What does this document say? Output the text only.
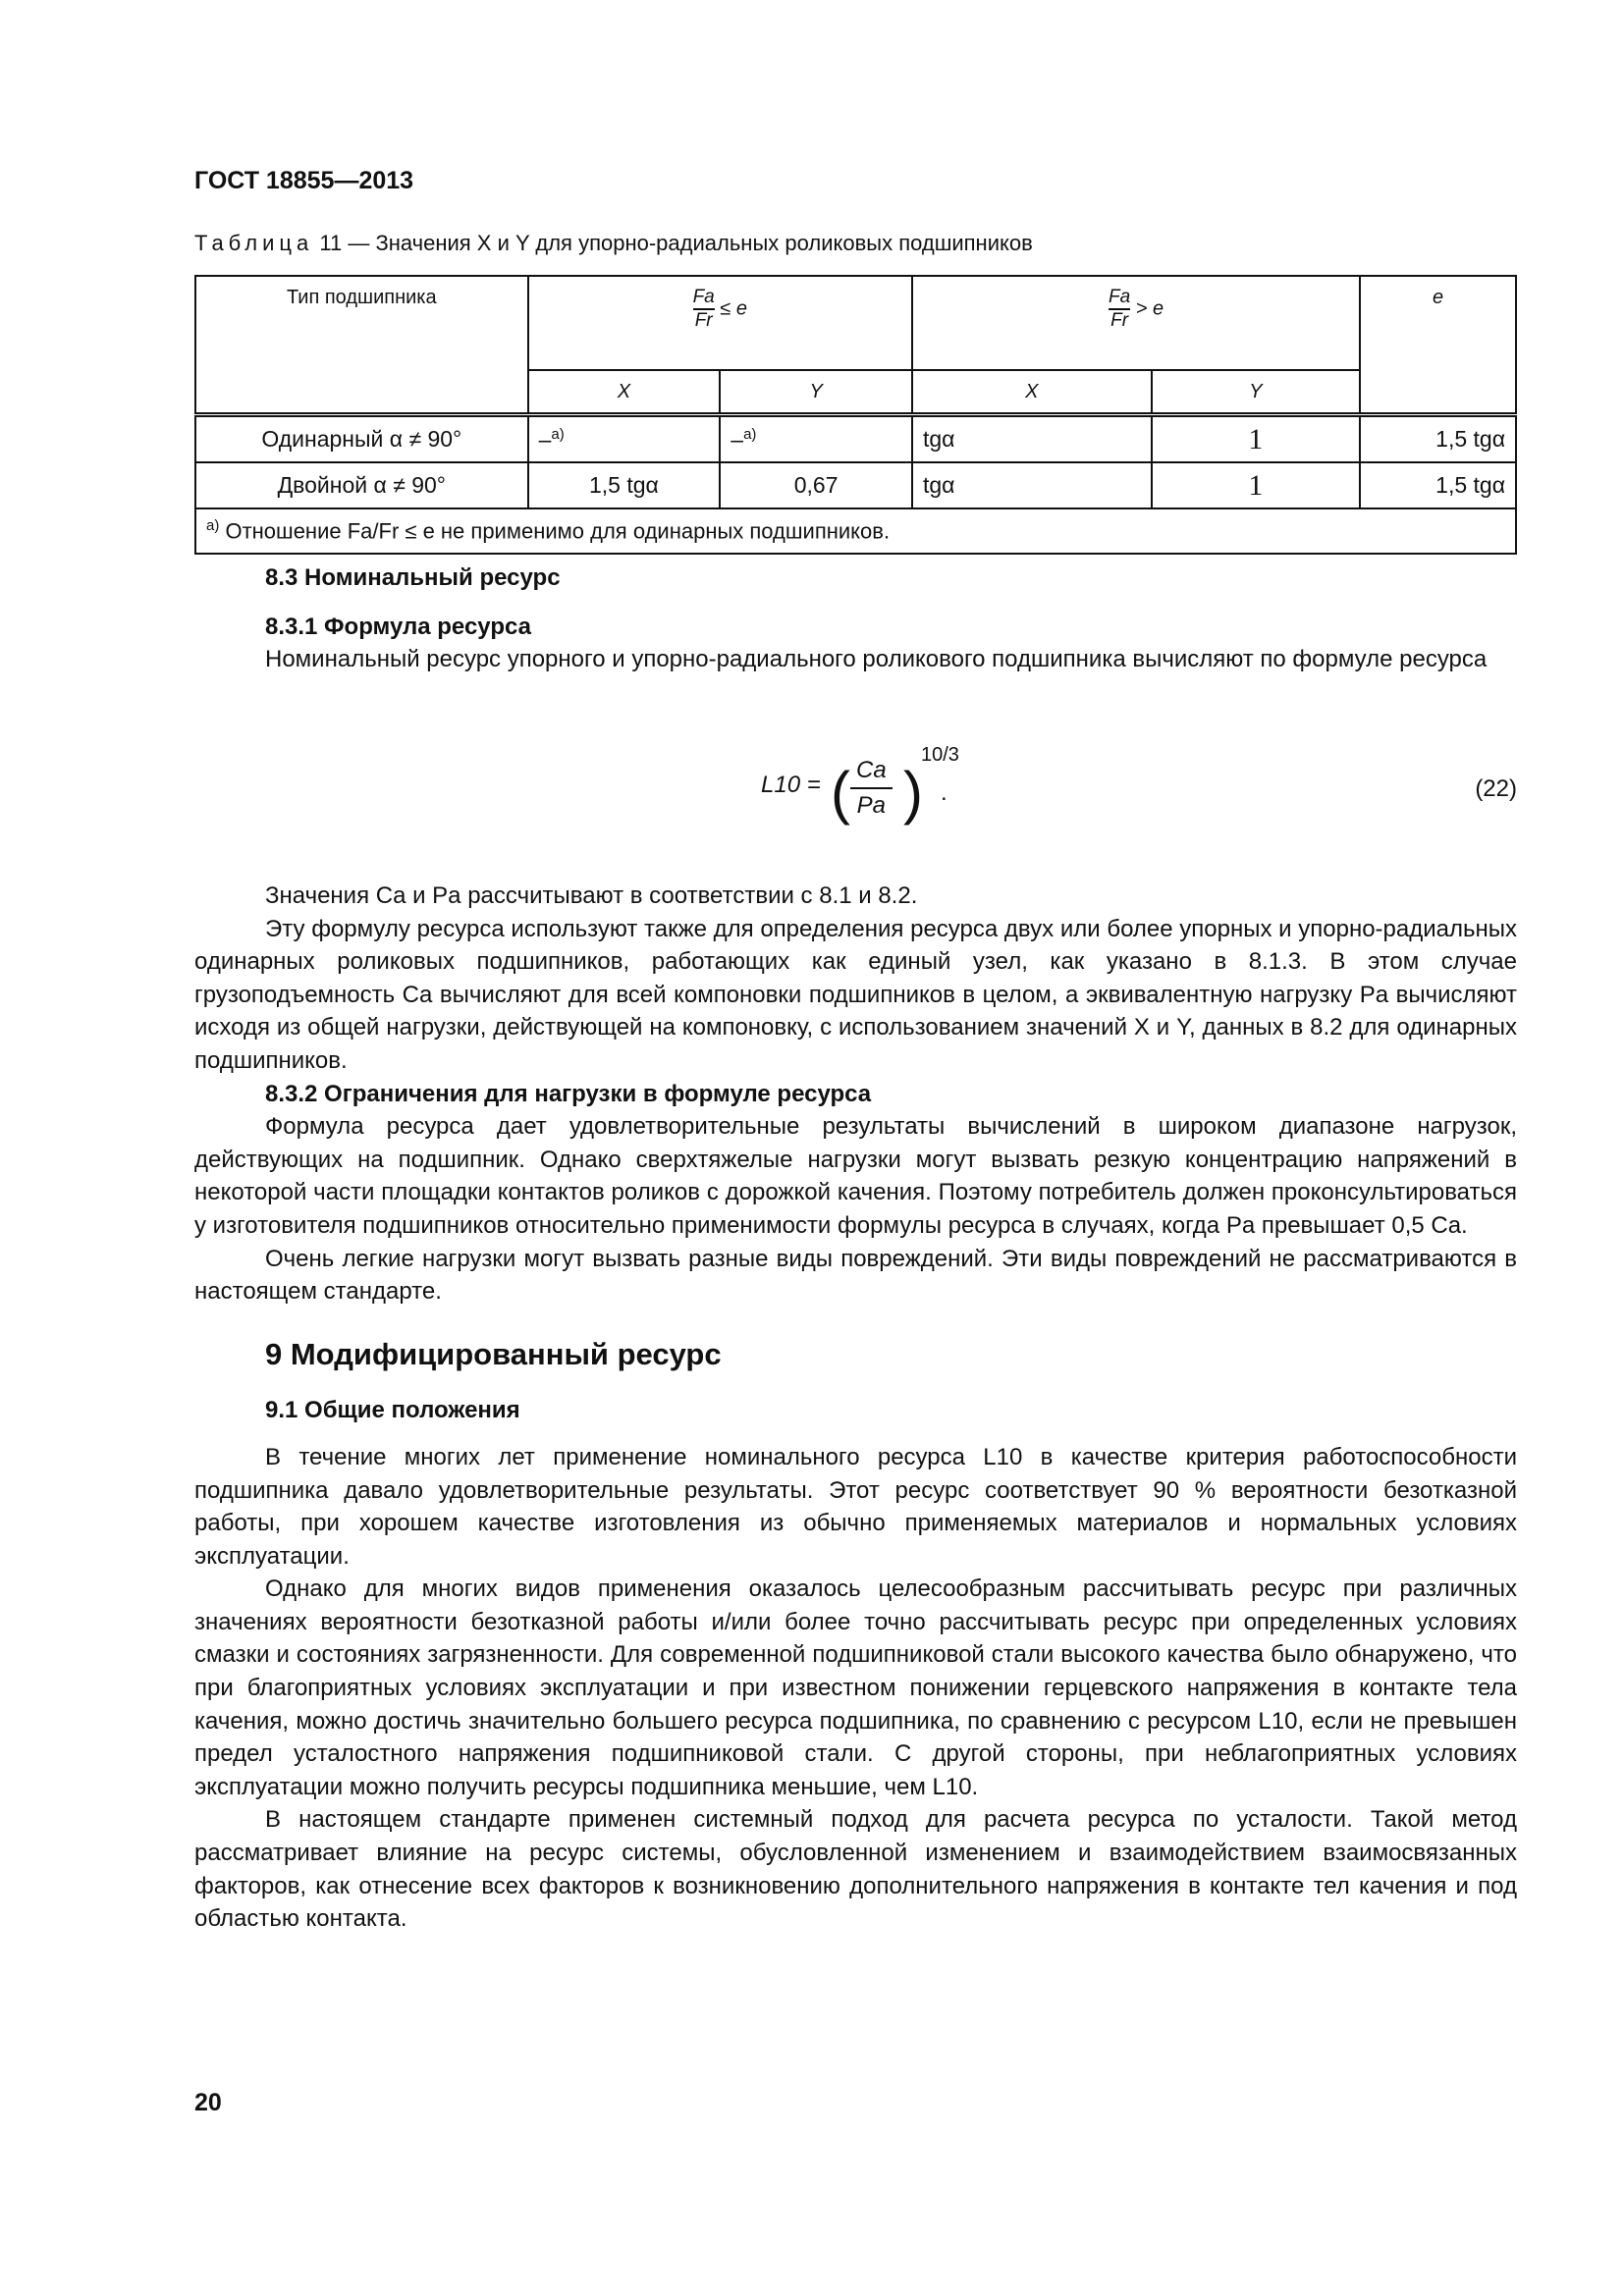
ГОСТ 18855—2013
Таблица 11 — Значения X и Y для упорно-радиальных роликовых подшипников
Тип подшипника	$\frac{Fa}{Fr} \le e$		$\frac{Fa}{Fr} > e$		e
	X	Y	X	Y	
Одинарный α ≠ 90°	–$^{а)}$	–$^{а)}$	tgα	1	1,5 tgα
Двойной α ≠ 90°	1,5 tgα	0,67	tgα	1	1,5 tgα
$^{а)}$ Отношение Fa/Fr ≤ e не применимо для одинарных подшипников.					
8.3 Номинальный ресурс
8.3.1 Формула ресурса

Номинальный ресурс упорного и упорно-радиального роликового подшипника вычисляют по формуле ресурса

L10 = ( $\frac{Ca}{Pa}$ )
10/3
.	(22)

Значения Ca и Pa рассчитывают в соответствии с 8.1 и 8.2.

Эту формулу ресурса используют также для определения ресурса двух или более упорных и упорно-радиальных одинарных роликовых подшипников, работающих как единый узел, как указано в 8.1.3. В этом случае грузоподъемность Ca вычисляют для всей компоновки подшипников в целом, а эквивалентную нагрузку Pa вычисляют исходя из общей нагрузки, действующей на компоновку, с использованием значений X и Y, данных в 8.2 для одинарных подшипников.

8.3.2 Ограничения для нагрузки в формуле ресурса

Формула ресурса дает удовлетворительные результаты вычислений в широком диапазоне нагрузок, действующих на подшипник. Однако сверхтяжелые нагрузки могут вызвать резкую концентрацию напряжений в некоторой части площадки контактов роликов с дорожкой качения. Поэтому потребитель должен проконсультироваться у изготовителя подшипников относительно применимости формулы ресурса в случаях, когда Pa превышает 0,5 Ca.

Очень легкие нагрузки могут вызвать разные виды повреждений. Эти виды повреждений не рассматриваются в настоящем стандарте.

9 Модифицированный ресурс
9.1 Общие положения

В течение многих лет применение номинального ресурса L10 в качестве критерия работоспособности подшипника давало удовлетворительные результаты. Этот ресурс соответствует 90 % вероятности безотказной работы, при хорошем качестве изготовления из обычно применяемых материалов и нормальных условиях эксплуатации.

Однако для многих видов применения оказалось целесообразным рассчитывать ресурс при различных значениях вероятности безотказной работы и/или более точно рассчитывать ресурс при определенных условиях смазки и состояниях загрязненности. Для современной подшипниковой стали высокого качества было обнаружено, что при благоприятных условиях эксплуатации и при известном понижении герцевского напряжения в контакте тела качения, можно достичь значительно большего ресурса подшипника, по сравнению с ресурсом L10, если не превышен предел усталостного напряжения подшипниковой стали. С другой стороны, при неблагоприятных условиях эксплуатации можно получить ресурсы подшипника меньшие, чем L10.

В настоящем стандарте применен системный подход для расчета ресурса по усталости. Такой метод рассматривает влияние на ресурс системы, обусловленной изменением и взаимодействием взаимосвязанных факторов, как отнесение всех факторов к возникновению дополнительного напряжения в контакте тел качения и под областью контакта.

20
